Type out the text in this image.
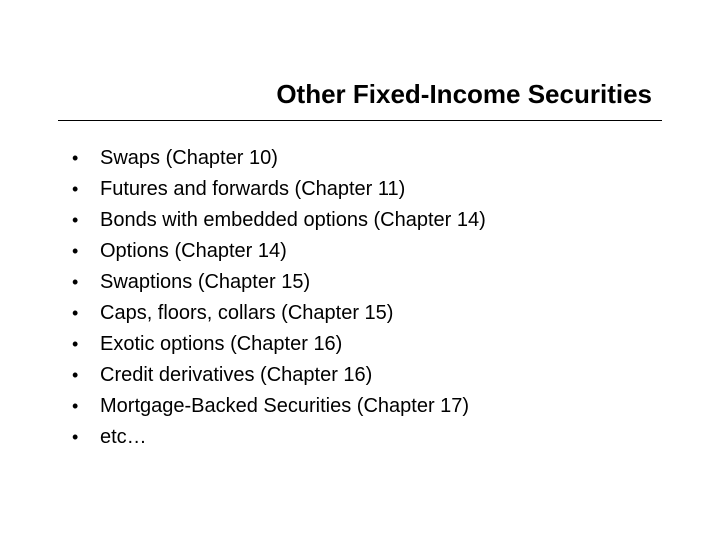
Other Fixed-Income Securities
•	Swaps (Chapter 10)
•	Futures and forwards (Chapter 11)
•	Bonds with embedded options (Chapter 14)
•	Options (Chapter 14)
•	Swaptions (Chapter 15)
•	Caps, floors, collars (Chapter 15)
•	Exotic options (Chapter 16)
•	Credit derivatives (Chapter 16)
•	Mortgage-Backed Securities (Chapter 17)
•	etc…
